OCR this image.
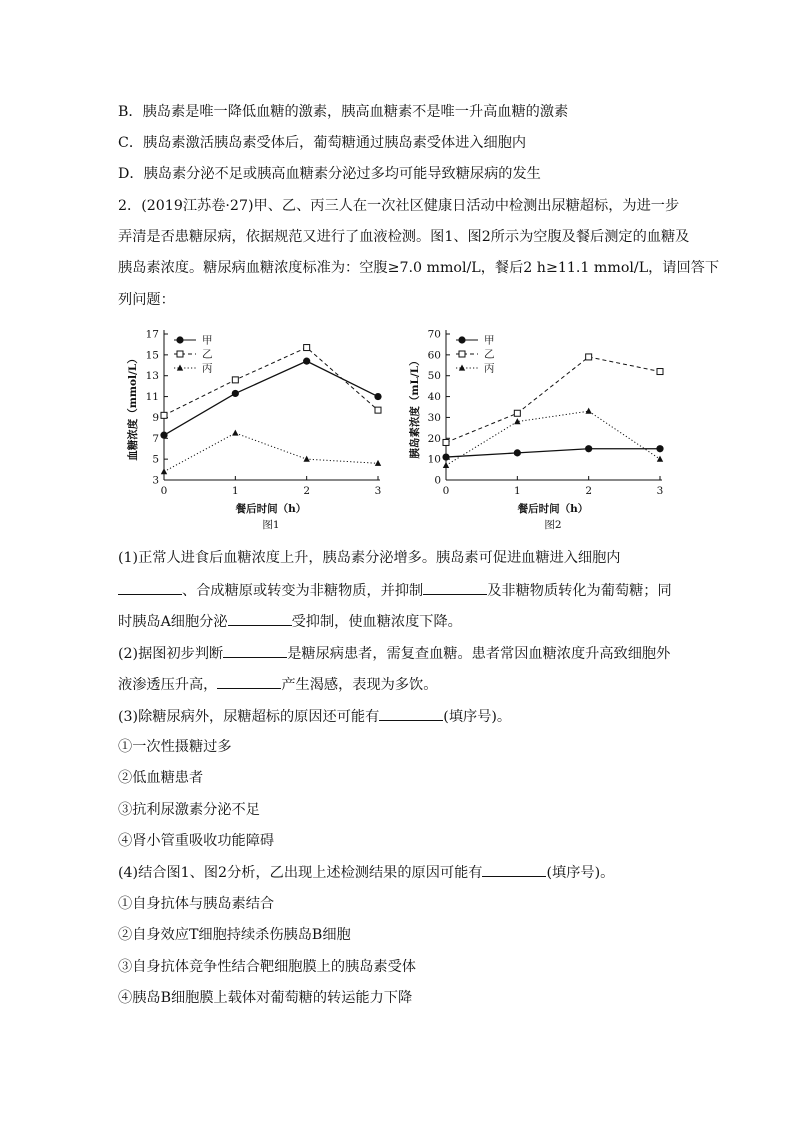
B．胰岛素是唯一降低血糖的激素，胰高血糖素不是唯一升高血糖的激素
C．胰岛素激活胰岛素受体后，葡萄糖通过胰岛素受体进入细胞内
D．胰岛素分泌不足或胰高血糖素分泌过多均可能导致糖尿病的发生
2．(2019江苏卷·27)甲、乙、丙三人在一次社区健康日活动中检测出尿糖超标，为进一步
弄清是否患糖尿病，依据规范又进行了血液检测。图1、图2所示为空腹及餐后测定的血糖及
胰岛素浓度。糖尿病血糖浓度标准为：空腹≥7.0 mmol/L，餐后2 h≥11.1 mmol/L，请回答下
列问题：
3
5
7
9
11
13
15
17
0	1	2	3
餐后时间（h）
血糖浓度（mmol/L）
图1
甲
乙
丙
0
10
20
30
40
50
60
70
0	1	2	3
餐后时间（h）
胰岛素浓度（mL/L）
图2
甲
乙
丙
(1)正常人进食后血糖浓度上升，胰岛素分泌增多。胰岛素可促进血糖进入细胞内
、合成糖原或转变为非糖物质，并抑制	及非糖物质转化为葡萄糖；同
时胰岛A细胞分泌	受抑制，使血糖浓度下降。
(2)据图初步判断	是糖尿病患者，需复查血糖。患者常因血糖浓度升高致细胞外
液渗透压升高，	产生渴感，表现为多饮。
(3)除糖尿病外，尿糖超标的原因还可能有	(填序号)。
①一次性摄糖过多
②低血糖患者
③抗利尿激素分泌不足
④肾小管重吸收功能障碍
(4)结合图1、图2分析，乙出现上述检测结果的原因可能有	(填序号)。
①自身抗体与胰岛素结合
②自身效应T细胞持续杀伤胰岛B细胞
③自身抗体竞争性结合靶细胞膜上的胰岛素受体
④胰岛B细胞膜上载体对葡萄糖的转运能力下降
